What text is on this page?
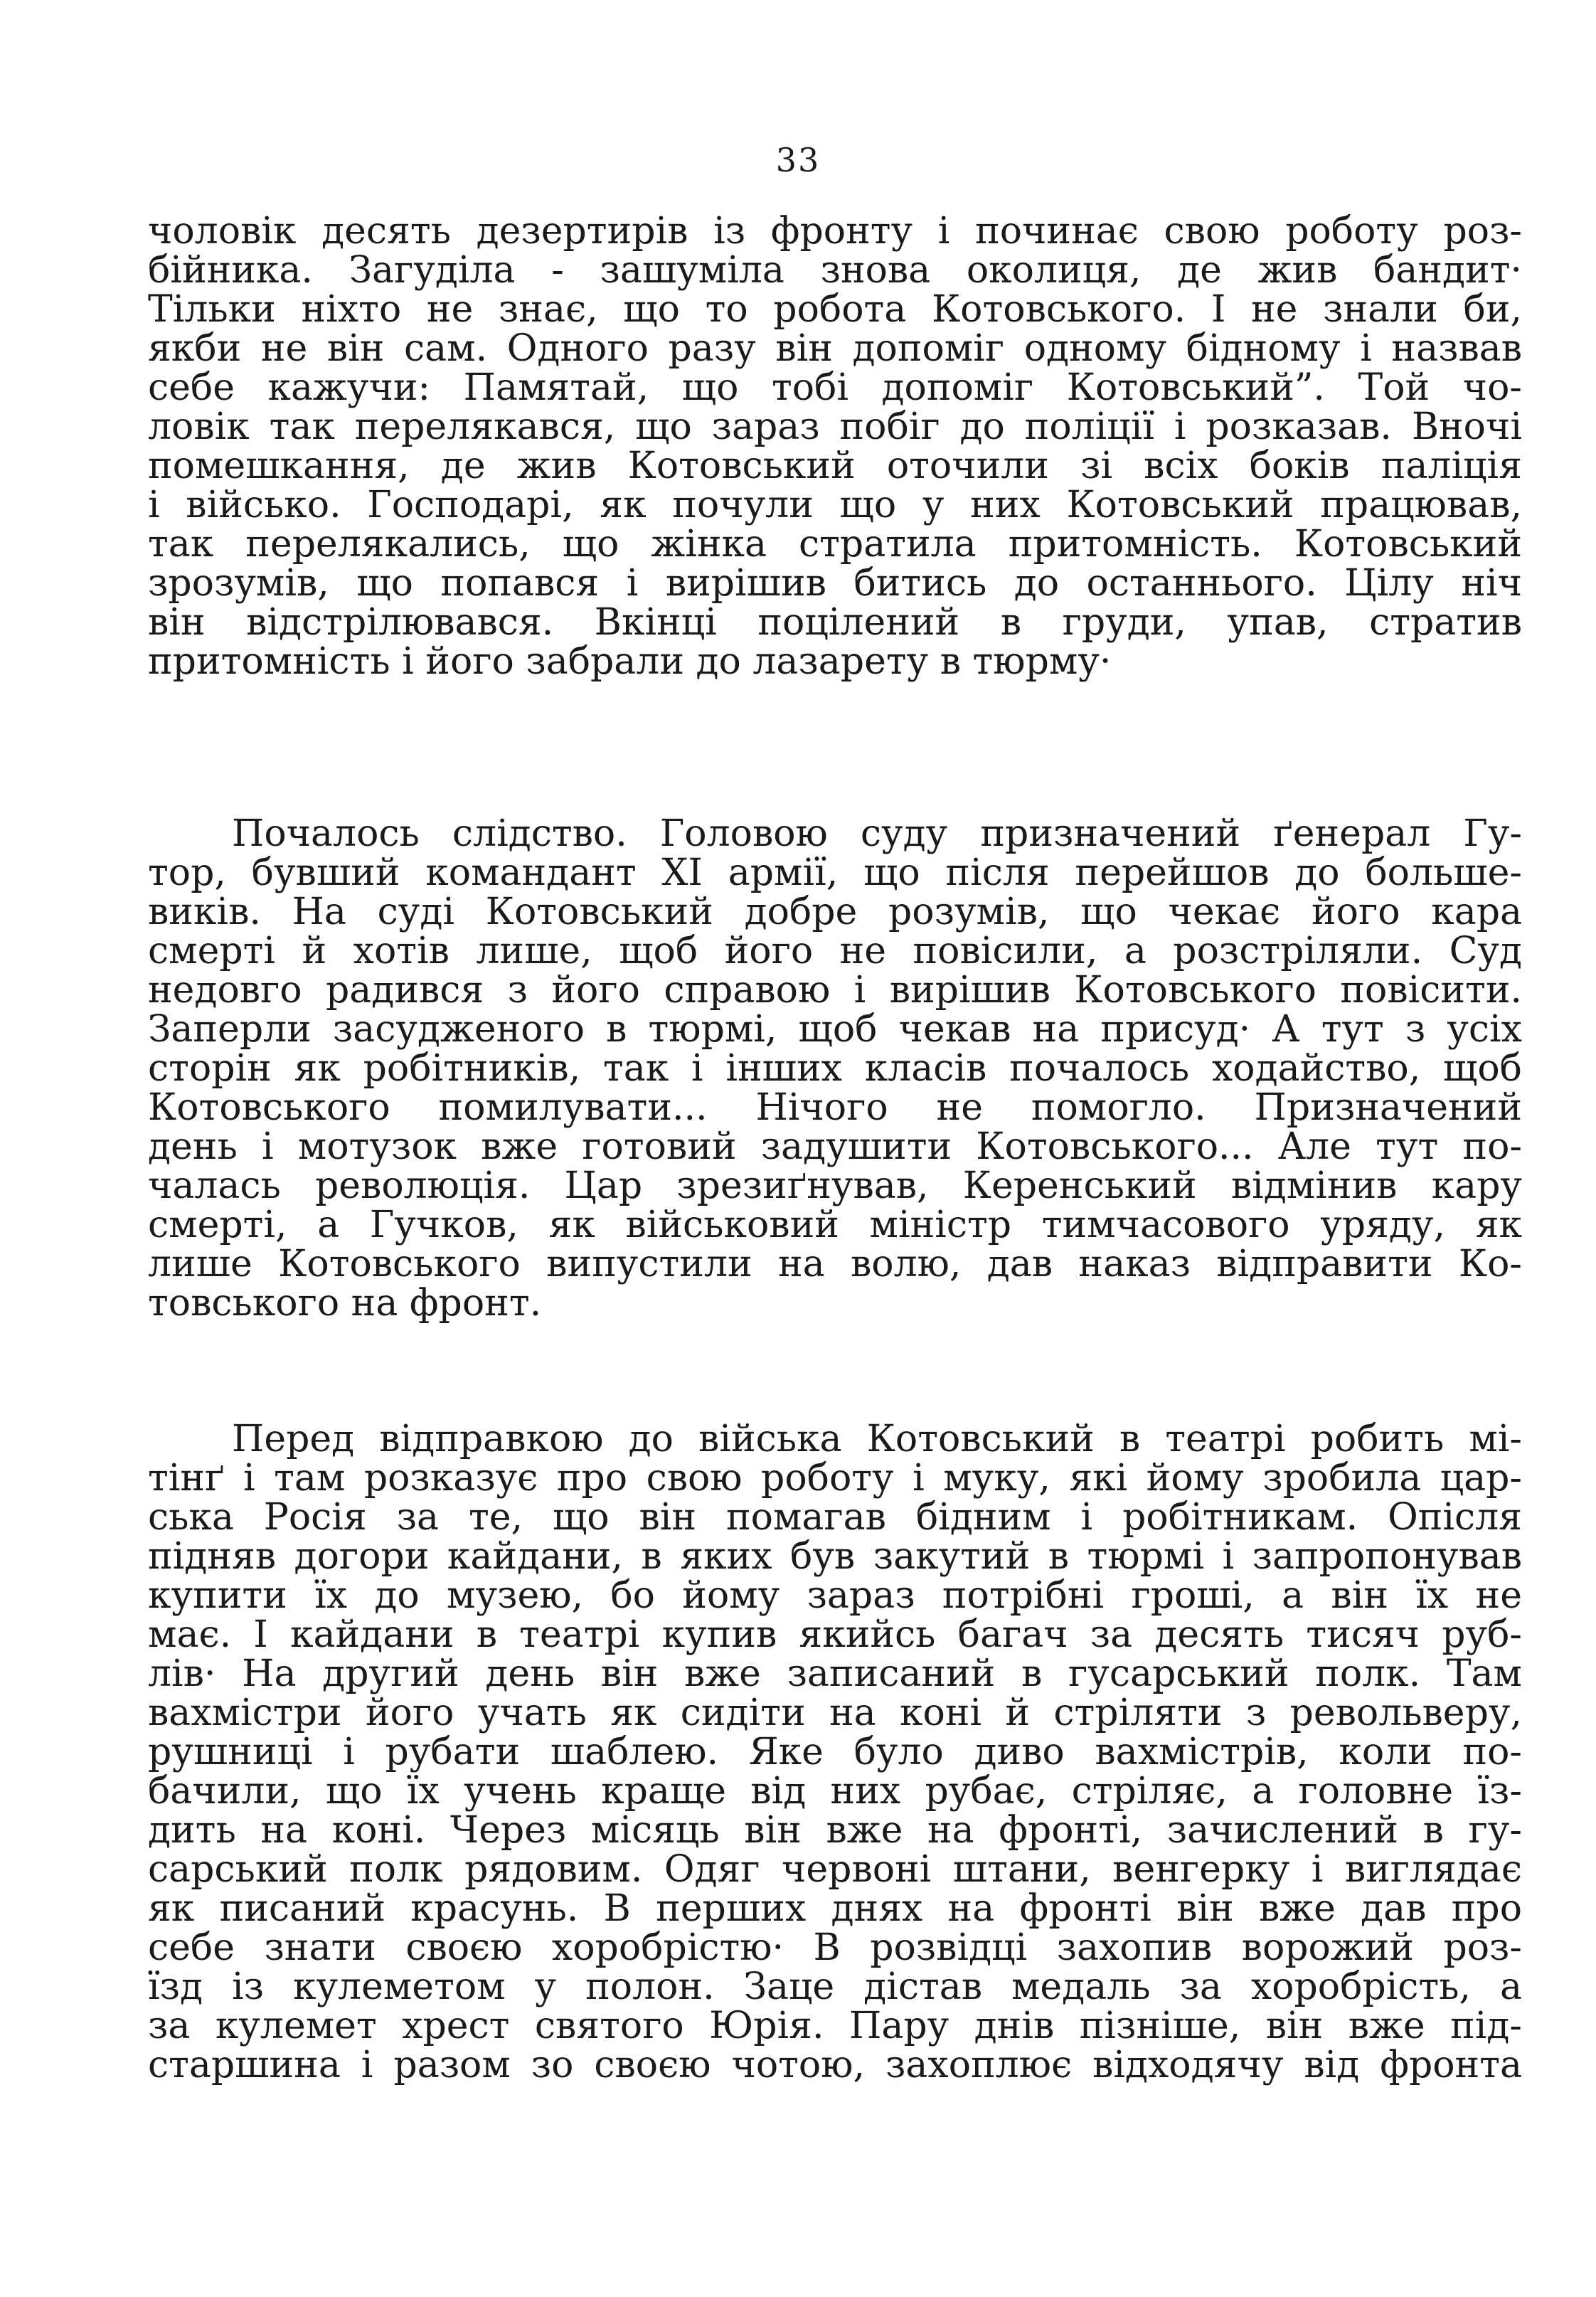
33
чоловік десять дезертирів із фронту і починає свою роботу роз-
бійника. Загуділа - зашуміла знова околиця, де жив бандит·
Тільки ніхто не знає, що то робота Котовського. І не знали би,
якби не він сам. Одного разу він допоміг одному бідному і назвав
себе кажучи: Памятай, що тобі допоміг Котовський”. Той чо-
ловік так перелякався, що зараз побіг до поліції і розказав. Вночі
помешкання, де жив Котовський оточили зі всіх боків паліція
і військо. Господарі, як почули що у них Котовський працював,
так перелякались, що жінка стратила притомність. Котовський
зрозумів, що попався і вирішив битись до останнього. Цілу ніч
він відстрілювався. Вкінці поцілений в груди, упав, стратив
притомність і його забрали до лазарету в тюрму·
Почалось слідство. Головою суду призначений ґенерал Гу-
тор, бувший командант XI армії, що після перейшов до больше-
виків. На суді Котовський добре розумів, що чекає його кара
смерті й хотів лише, щоб його не повісили, а розстріляли. Суд
недовго радився з його справою і вирішив Котовського повісити.
Заперли засудженого в тюрмі, щоб чекав на присуд· А тут з усіх
сторін як робітників, так і інших класів почалось ходайство, щоб
Котовського помилувати... Нічого не помогло. Призначений
день і мотузок вже готовий задушити Котовського... Але тут по-
чалась революція. Цар зрезиґнував, Керенський відмінив кару
смерті, а Гучков, як військовий міністр тимчасового уряду, як
лише Котовського випустили на волю, дав наказ відправити Ко-
товського на фронт.
Перед відправкою до війська Котовський в театрі робить мі-
тінґ і там розказує про свою роботу і муку, які йому зробила цар-
ська Росія за те, що він помагав бідним і робітникам. Опісля
підняв догори кайдани, в яких був закутий в тюрмі і запропонував
купити їх до музею, бо йому зараз потрібні гроші, а він їх не
має. І кайдани в театрі купив якийсь багач за десять тисяч руб-
лів· На другий день він вже записаний в гусарський полк. Там
вахмістри його учать як сидіти на коні й стріляти з револьверу,
рушниці і рубати шаблею. Яке було диво вахмістрів, коли по-
бачили, що їх учень краще від них рубає, стріляє, а головне їз-
дить на коні. Через місяць він вже на фронті, зачислений в гу-
сарський полк рядовим. Одяг червоні штани, венгерку і виглядає
як писаний красунь. В перших днях на фронті він вже дав про
себе знати своєю хоробрістю· В розвідці захопив ворожий роз-
їзд із кулеметом у полон. Заце дістав медаль за хоробрість, а
за кулемет хрест святого Юрія. Пару днів пізніше, він вже під-
старшина і разом зо своєю чотою, захоплює відходячу від фронта
